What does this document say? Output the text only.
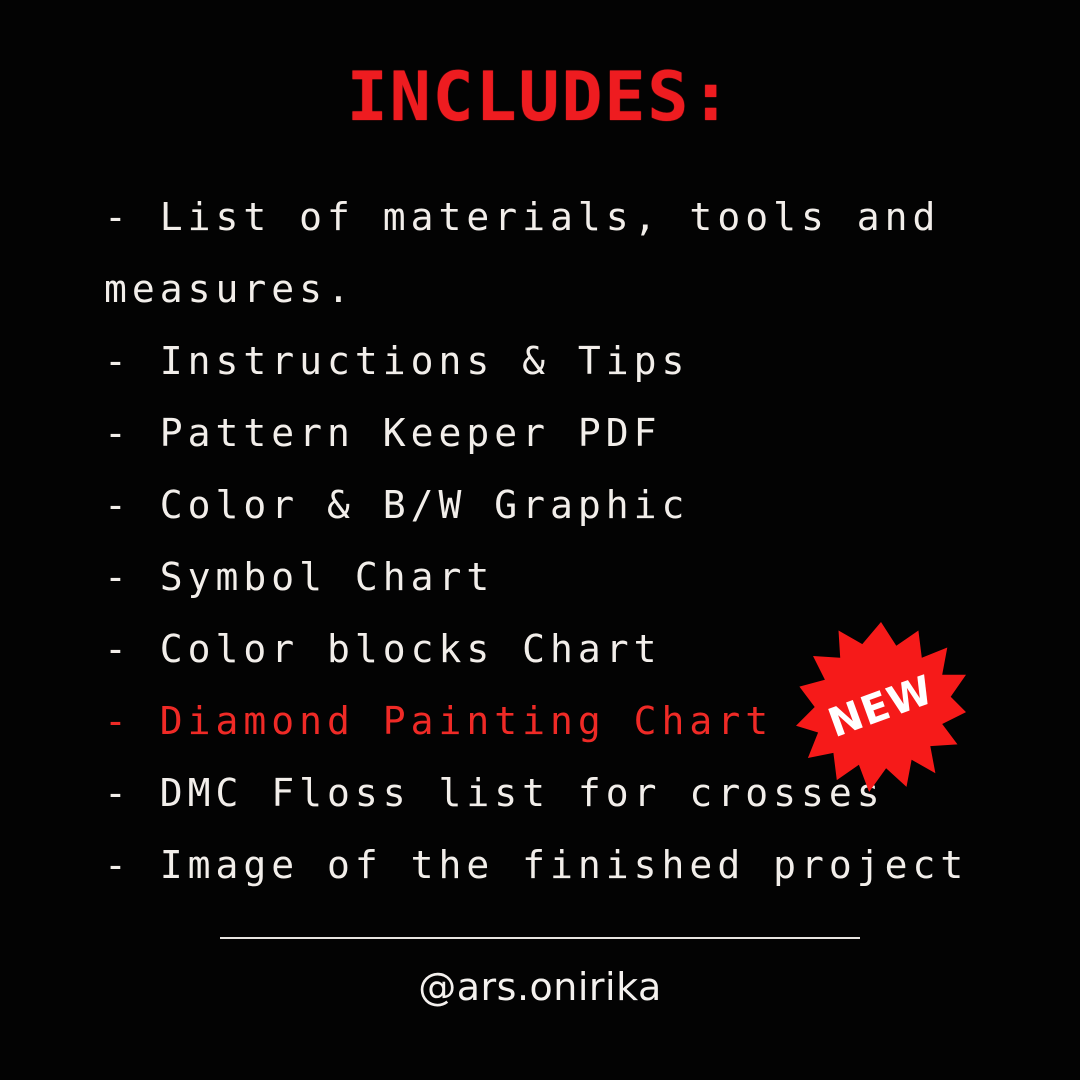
INCLUDES:
- List of materials, tools and measures.
- Instructions & Tips
- Pattern Keeper PDF
- Color & B/W Graphic
- Symbol Chart
- Color blocks Chart
- Diamond Painting Chart
- DMC Floss list for crosses
- Image of the finished project
@ars.onirika
NEW
